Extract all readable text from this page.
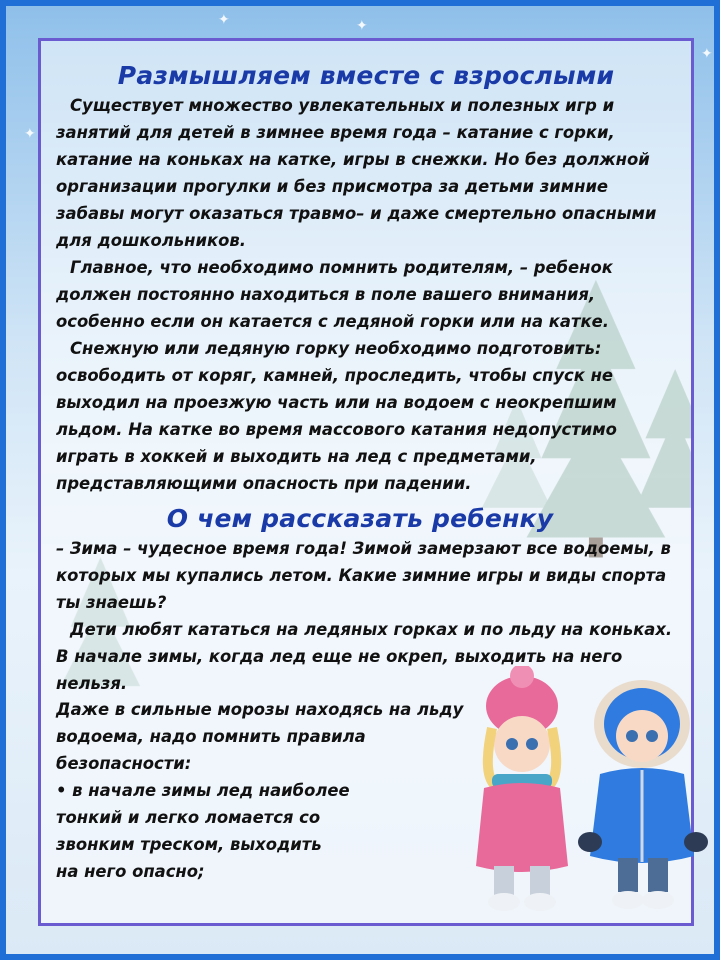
✦
✦
✦
✦
Размышляем вместе с взрослыми

Существует множество увлекательных и полезных игр и занятий для детей в зимнее время года – катание с горки, катание на коньках на катке, игры в снежки. Но без должной организации прогулки и без присмотра за детьми зимние забавы могут оказаться травмо– и даже смертельно опасными для дошкольников.

Главное, что необходимо помнить родителям, – ребенок должен постоянно находиться в поле вашего внимания, особенно если он катается с ледяной горки или на катке.

Снежную или ледяную горку необходимо подготовить: освободить от коряг, камней, проследить, чтобы спуск не выходил на проезжую часть или на водоем с неокрепшим льдом. На катке во время массового катания недопустимо играть в хоккей и выходить на лед с предметами, представляющими опасность при падении.

О чем рассказать ребенку

– Зима – чудесное время года! Зимой замерзают все водоемы, в которых мы купались летом. Какие зимние игры и виды спорта ты знаешь?

Дети любят кататься на ледяных горках и по льду на коньках. В начале зимы, когда лед еще не окреп, выходить на него нельзя.

Даже в сильные морозы находясь на льду
водоема, надо помнить правила
безопасности:
• в начале зимы лед наиболее
тонкий и легко ломается со
звонким треском, выходить
на него опасно;
